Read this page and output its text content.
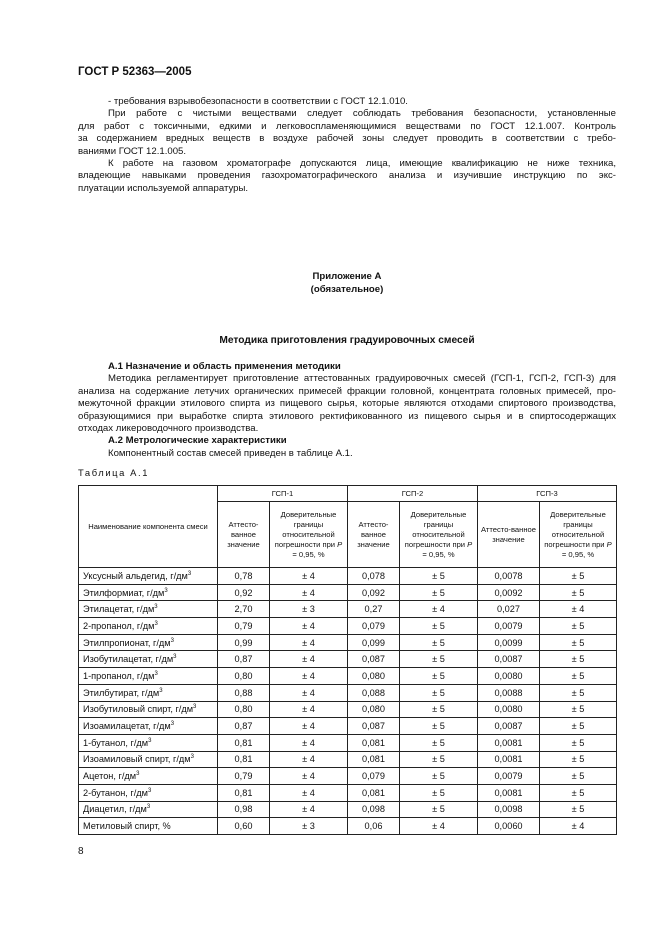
ГОСТ Р 52363—2005
- требования взрывобезопасности в соответствии с ГОСТ 12.1.010.
При работе с чистыми веществами следует соблюдать требования безопасности, установленные
для работ с токсичными, едкими и легковоспламеняющимися веществами по ГОСТ 12.1.007. Контроль
за содержанием вредных веществ в воздухе рабочей зоны следует проводить в соответствии с требо-
ваниями ГОСТ 12.1.005.
К работе на газовом хроматографе допускаются лица, имеющие квалификацию не ниже техника,
владеющие навыками проведения газохроматографического анализа и изучившие инструкцию по экс-
плуатации используемой аппаратуры.
Приложение А
(обязательное)
Методика приготовления градуировочных смесей
А.1 Назначение и область применения методики
Методика регламентирует приготовление аттестованных градуировочных смесей (ГСП-1, ГСП-2, ГСП-3) для
анализа на содержание летучих органических примесей фракции головной, концентрата головных примесей, про-
межуточной фракции этилового спирта из пищевого сырья, которые являются отходами спиртового производства,
образующимися при выработке спирта этилового ректификованного из пищевого сырья и в спиртосодержащих
отходах ликероводочного производства.
А.2 Метрологические характеристики
Компонентный состав смесей приведен в таблице А.1.
Таблица А.1
Наименование компонента смеси	ГСП-1		ГСП-2		ГСП-3	
	Аттесто-ванное значение	Доверительные границы относительной погрешности при P = 0,95, %	Аттесто-ванное значение	Доверительные границы относительной погрешности при P = 0,95, %	Аттесто-ванное значение	Доверительные границы относительной погрешности при P = 0,95, %
Уксусный альдегид, $г/дм^3$	0,78	± 4	0,078	± 5	0,0078	± 5
Этилформиат, $г/дм^3$	0,92	± 4	0,092	± 5	0,0092	± 5
Этилацетат, $г/дм^3$	2,70	± 3	0,27	± 4	0,027	± 4
2-пропанол, $г/дм^3$	0,79	± 4	0,079	± 5	0,0079	± 5
Этилпропионат, $г/дм^3$	0,99	± 4	0,099	± 5	0,0099	± 5
Изобутилацетат, $г/дм^3$	0,87	± 4	0,087	± 5	0,0087	± 5
1-пропанол, $г/дм^3$	0,80	± 4	0,080	± 5	0,0080	± 5
Этилбутират, $г/дм^3$	0,88	± 4	0,088	± 5	0,0088	± 5
Изобутиловый спирт, $г/дм^3$	0,80	± 4	0,080	± 5	0,0080	± 5
Изоамилацетат, $г/дм^3$	0,87	± 4	0,087	± 5	0,0087	± 5
1-бутанол, $г/дм^3$	0,81	± 4	0,081	± 5	0,0081	± 5
Изоамиловый спирт, $г/дм^3$	0,81	± 4	0,081	± 5	0,0081	± 5
Ацетон, $г/дм^3$	0,79	± 4	0,079	± 5	0,0079	± 5
2-бутанон, $г/дм^3$	0,81	± 4	0,081	± 5	0,0081	± 5
Диацетил, $г/дм^3$	0,98	± 4	0,098	± 5	0,0098	± 5
Метиловый спирт, %	0,60	± 3	0,06	± 4	0,0060	± 4
8
